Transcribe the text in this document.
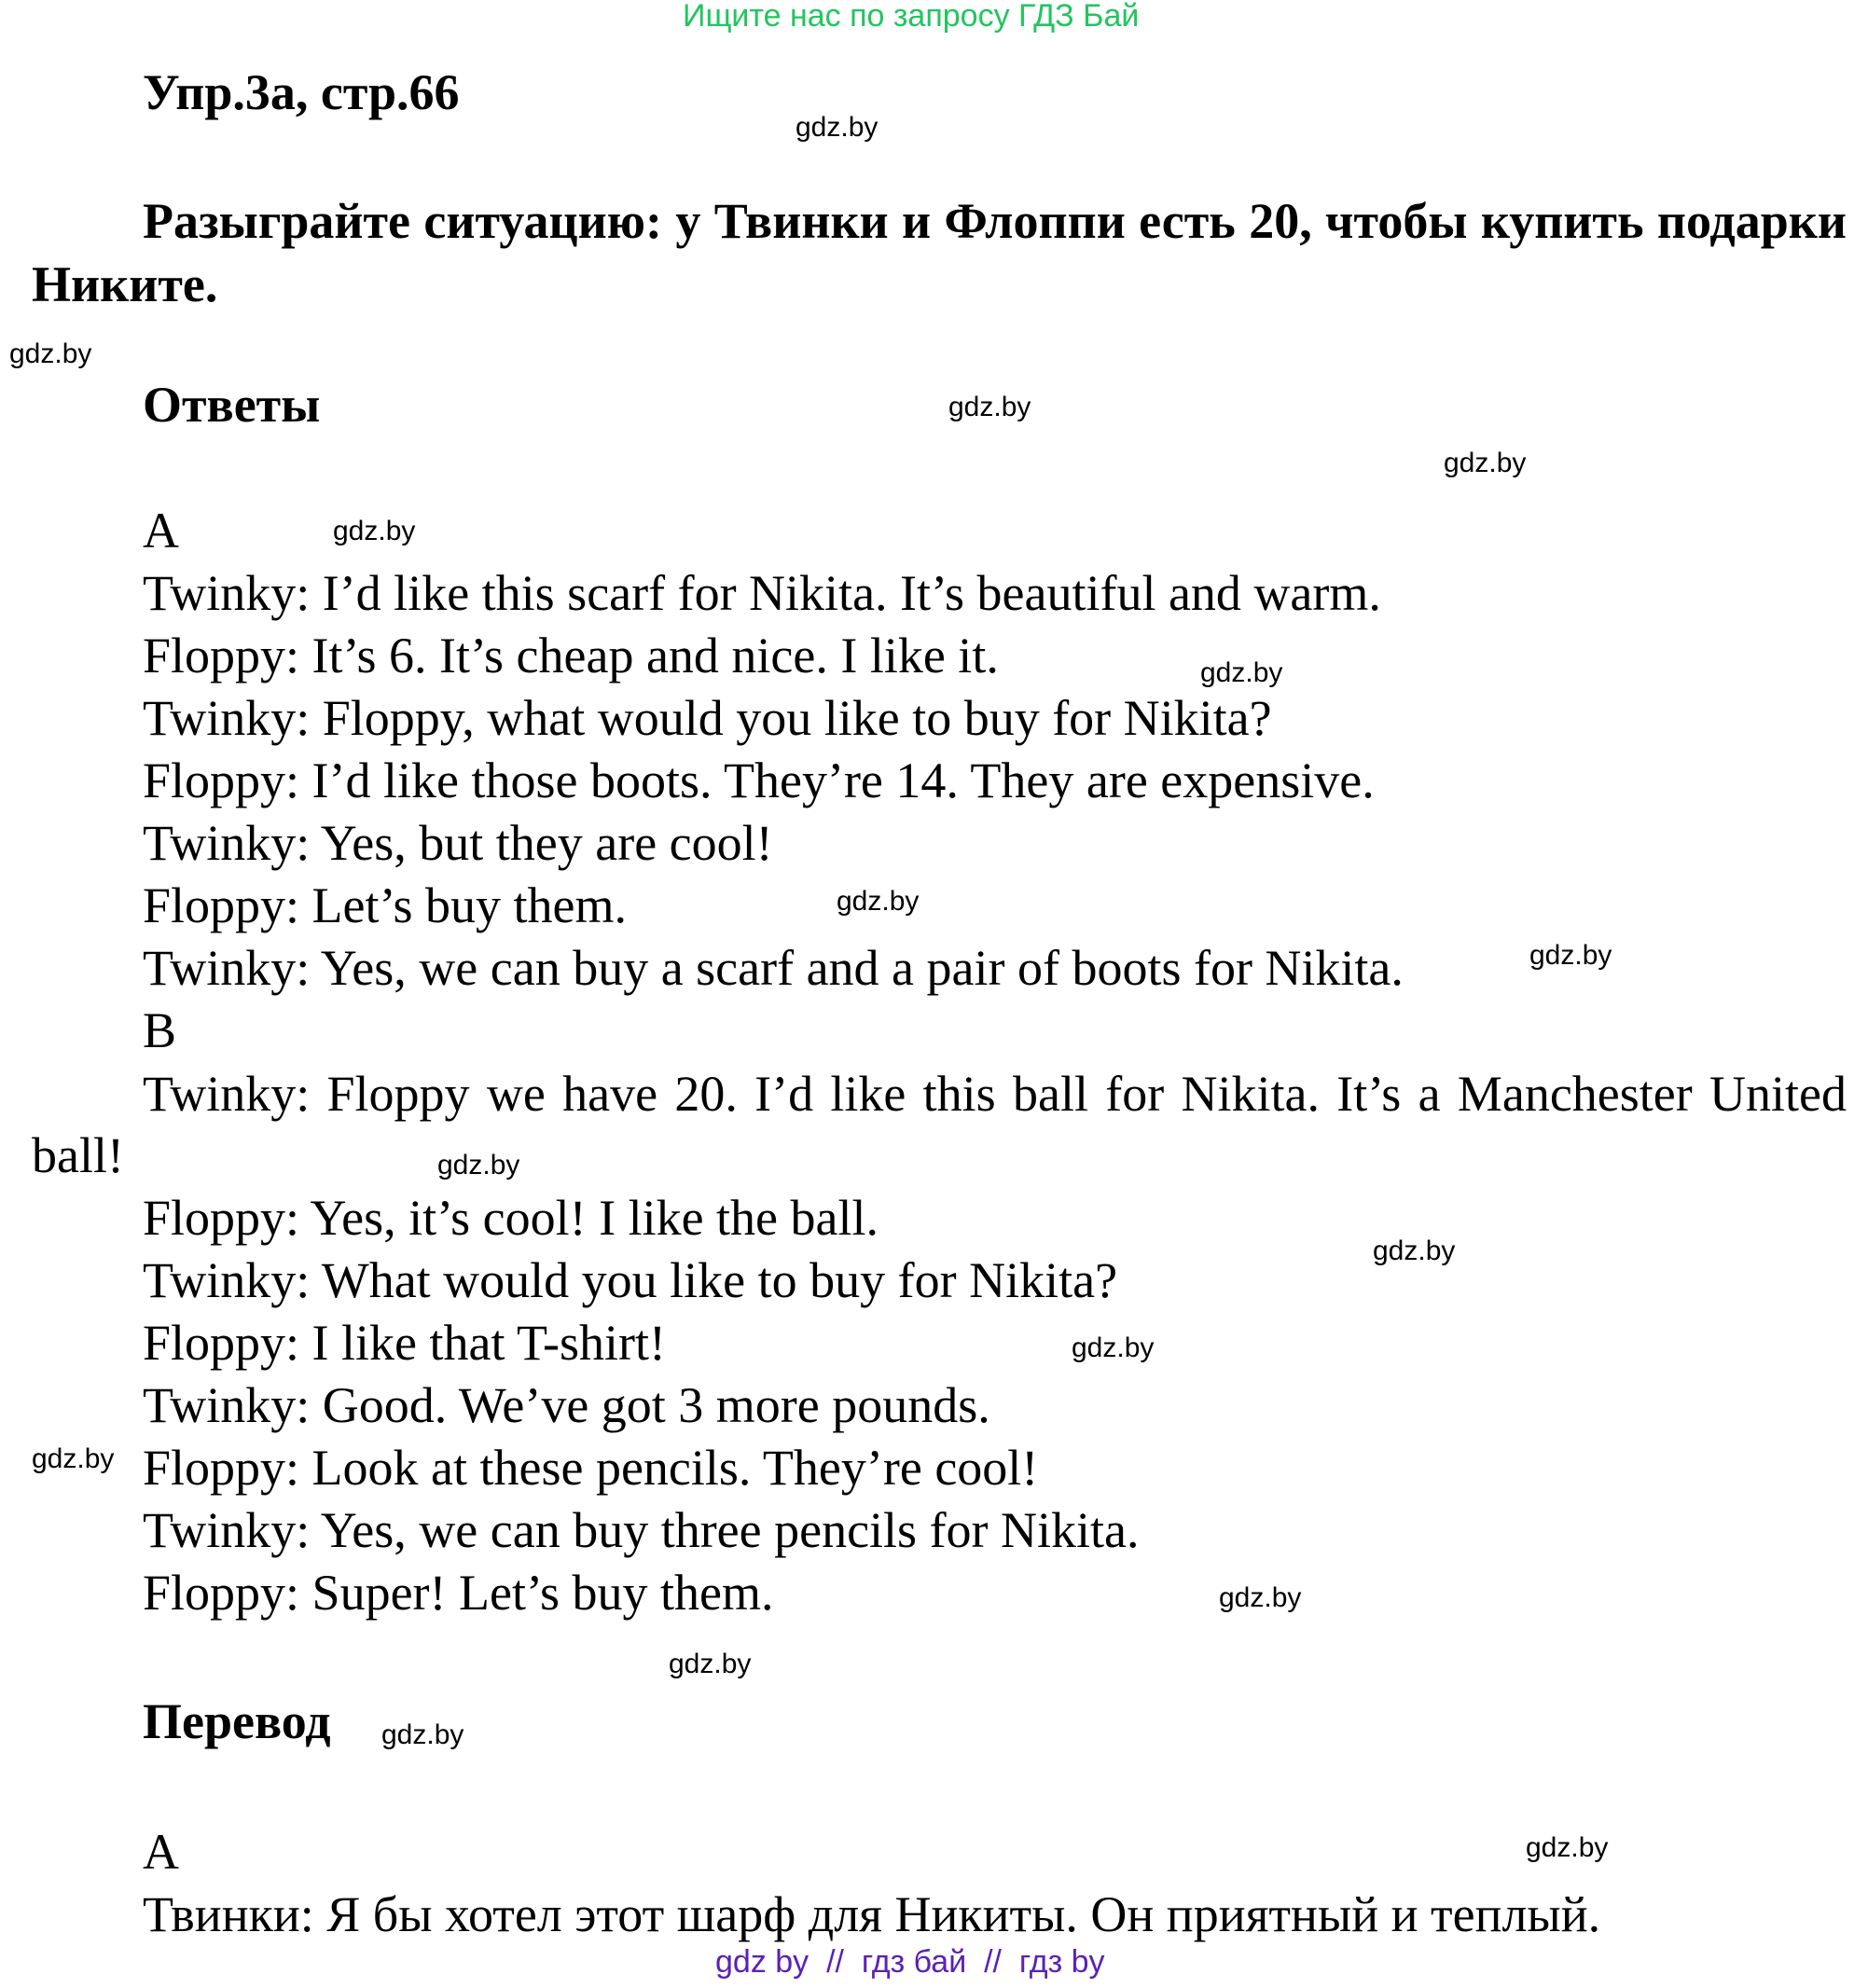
Ищите нас по запросу ГДЗ Бай
Упр.3а, стр.66
Разыграйте ситуацию: у Твинки и Флоппи есть 20, чтобы купить подарки Никите.
Ответы
A
Twinky: I’d like this scarf for Nikita. It’s beautiful and warm.
Floppy: It’s 6. It’s cheap and nice. I like it.
Twinky: Floppy, what would you like to buy for Nikita?
Floppy: I’d like those boots. They’re 14. They are expensive.
Twinky: Yes, but they are cool!
Floppy: Let’s buy them.
Twinky: Yes, we can buy a scarf and a pair of boots for Nikita.
B
Twinky: Floppy we have 20. I’d like this ball for Nikita. It’s a Manchester United ball!
Floppy: Yes, it’s cool! I like the ball.
Twinky: What would you like to buy for Nikita?
Floppy: I like that T-shirt!
Twinky: Good. We’ve got 3 more pounds.
Floppy: Look at these pencils. They’re cool!
Twinky: Yes, we can buy three pencils for Nikita.
Floppy: Super! Let’s buy them.
Перевод
A
Твинки: Я бы хотел этот шарф для Никиты. Он приятный и теплый.
gdz.by
gdz.by
gdz.by
gdz.by
gdz.by
gdz.by
gdz.by
gdz.by
gdz.by
gdz.by
gdz.by
gdz.by
gdz.by
gdz.by
gdz.by
gdz.by
gdz by  //  гдз бай  //  гдз by
